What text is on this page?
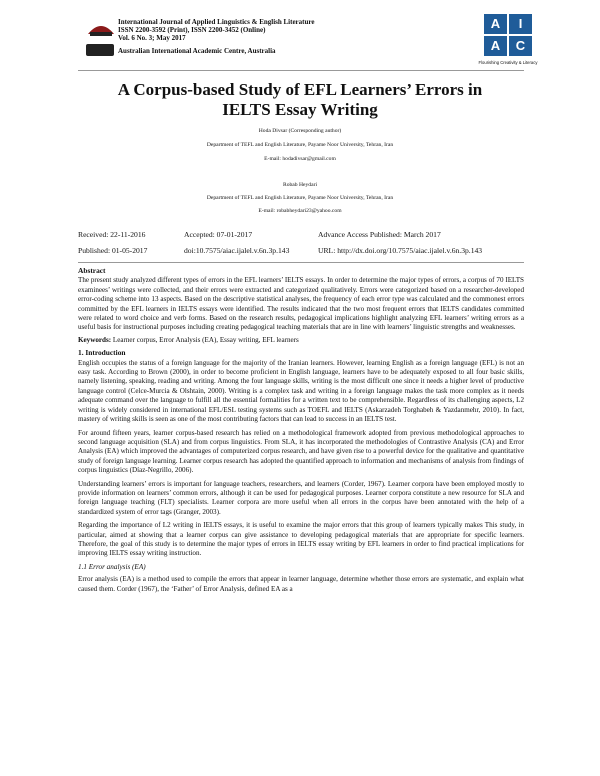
International Journal of Applied Linguistics & English Literature
ISSN 2200-3592 (Print), ISSN 2200-3452 (Online)
Vol. 6 No. 3; May 2017
Australian International Academic Centre, Australia
A	I
A	C
Flourishing Creativity & Literacy
A Corpus-based Study of EFL Learners’ Errors in
IELTS Essay Writing
Hoda Divsar (Corresponding author)
Department of TEFL and English Literature, Payame Noor University, Tehran, Iran
E-mail: hodadivsar@gmail.com
Robab Heydari
Department of TEFL and English Literature, Payame Noor University, Tehran, Iran
E-mail: robabheydari23@yahoo.com
Received: 22-11-2016	Accepted: 07-01-2017	Advance Access Published: March 2017
Published: 01-05-2017	doi:10.7575/aiac.ijalel.v.6n.3p.143	URL: http://dx.doi.org/10.7575/aiac.ijalel.v.6n.3p.143

Abstract

The present study analyzed different types of errors in the EFL learners’ IELTS essays. In order to determine the major types of errors, a corpus of 70 IELTS examinees’ writings were collected, and their errors were extracted and categorized qualitatively. Errors were categorized based on a researcher-developed error-coding scheme into 13 aspects. Based on the descriptive statistical analyses, the frequency of each error type was calculated and the commonest errors committed by the EFL learners in IELTS essays were identified. The results indicated that the two most frequent errors that IELTS candidates committed were related to word choice and verb forms. Based on the research results, pedagogical implications highlight analyzing EFL learners’ writing errors as a useful basis for instructional purposes including creating pedagogical teaching materials that are in line with learners’ linguistic strengths and weaknesses.

Keywords: Learner corpus, Error Analysis (EA), Essay writing, EFL learners

1. Introduction

English occupies the status of a foreign language for the majority of the Iranian learners. However, learning English as a foreign language (EFL) is not an easy task. According to Brown (2000), in order to become proficient in English language, learners have to be adequately exposed to all four basic skills, namely listening, speaking, reading and writing. Among the four language skills, writing is the most difficult one since it needs a higher level of productive language control (Celce-Murcia & Olshtain, 2000). Writing is a complex task and writing in a foreign language makes the task more complex as it needs adequate command over the language to fulfill all the essential formalities for a written text to be comprehensible. Regardless of its challenging aspects, L2 writing is widely considered in international EFL/ESL testing systems such as TOEFL and IELTS (Askarzadeh Torghabeh & Yazdanmehr, 2010). In fact, mastery of writing skills is seen as one of the most contributing factors that can lead to success in an IELTS test.

For around fifteen years, learner corpus-based research has relied on a methodological framework adopted from previous methodological approaches to second language acquisition (SLA) and from corpus linguistics. From SLA, it has incorporated the methodologies of Contrastive Analysis (CA) and Error Analysis (EA) which improved the advantages of computerized corpus research, and have given rise to a powerful device for the qualitative and quantitative study of foreign language learning. Learner corpus research has adopted the quantified approach to information and mechanisms of analysis from findings of corpus linguistics (Díaz-Negrillo, 2006).

Understanding learners’ errors is important for language teachers, researchers, and learners (Corder, 1967). Learner corpora have been employed mostly to provide information on learners’ common errors, although it can be used for pedagogical purposes. Learner corpora constitute a new resource for SLA and foreign language teaching (FLT) specialists. Learner corpora are more useful when all errors in the corpus have been annotated with the help of a standardized system of error tags (Granger, 2003).

Regarding the importance of L2 writing in IELTS essays, it is useful to examine the major errors that this group of learners typically makes This study, in particular, aimed at showing that a learner corpus can give assistance to developing pedagogical materials that are appropriate for specific learners. Therefore, the goal of this study is to determine the major types of errors in IELTS essay writing by EFL learners in order to find practical implications for improving IELTS essay writing instruction.

1.1 Error analysis (EA)

Error analysis (EA) is a method used to compile the errors that appear in learner language, determine whether those errors are systematic, and explain what caused them. Corder (1967), the ‘Father’ of Error Analysis, defined EA as a
